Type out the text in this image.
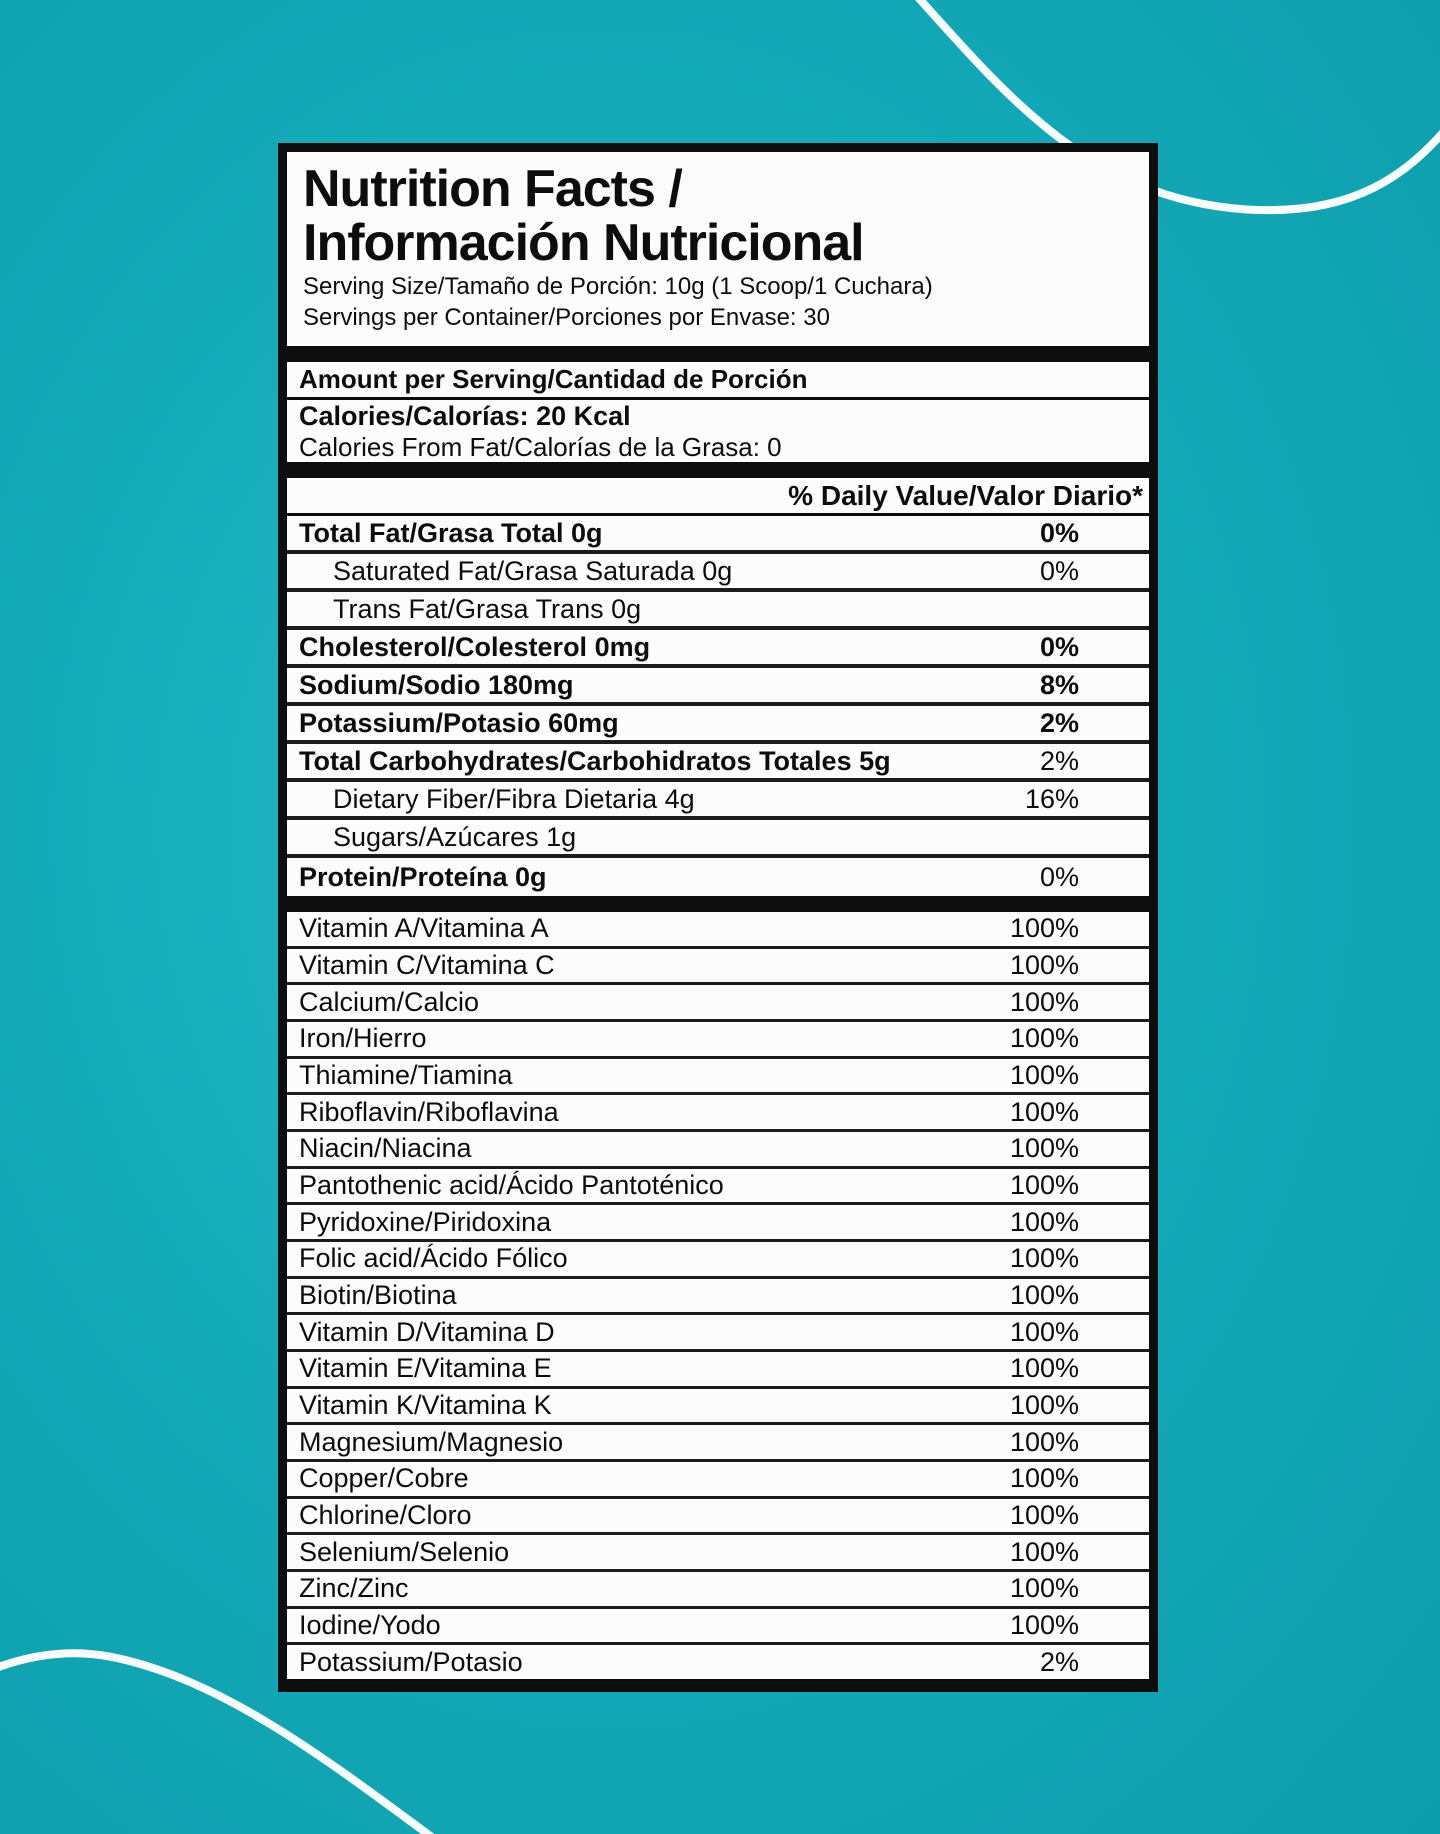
Nutrition Facts /
Información Nutricional
Serving Size/Tamaño de Porción: 10g (1 Scoop/1 Cuchara)
Servings per Container/Porciones por Envase: 30
Amount per Serving/Cantidad de Porción
Calories/Calorías: 20 Kcal
Calories From Fat/Calorías de la Grasa: 0
% Daily Value/Valor Diario*
Total Fat/Grasa Total 0g	0%
Saturated Fat/Grasa Saturada 0g	0%
Trans Fat/Grasa Trans 0g
Cholesterol/Colesterol 0mg	0%
Sodium/Sodio 180mg	8%
Potassium/Potasio 60mg	2%
Total Carbohydrates/Carbohidratos Totales 5g	2%
Dietary Fiber/Fibra Dietaria 4g	16%
Sugars/Azúcares 1g
Protein/Proteína 0g	0%
Vitamin A/Vitamina A	100%
Vitamin C/Vitamina C	100%
Calcium/Calcio	100%
Iron/Hierro	100%
Thiamine/Tiamina	100%
Riboflavin/Riboflavina	100%
Niacin/Niacina	100%
Pantothenic acid/Ácido Pantoténico	100%
Pyridoxine/Piridoxina	100%
Folic acid/Ácido Fólico	100%
Biotin/Biotina	100%
Vitamin D/Vitamina D	100%
Vitamin E/Vitamina E	100%
Vitamin K/Vitamina K	100%
Magnesium/Magnesio	100%
Copper/Cobre	100%
Chlorine/Cloro	100%
Selenium/Selenio	100%
Zinc/Zinc	100%
Iodine/Yodo	100%
Potassium/Potasio	2%
